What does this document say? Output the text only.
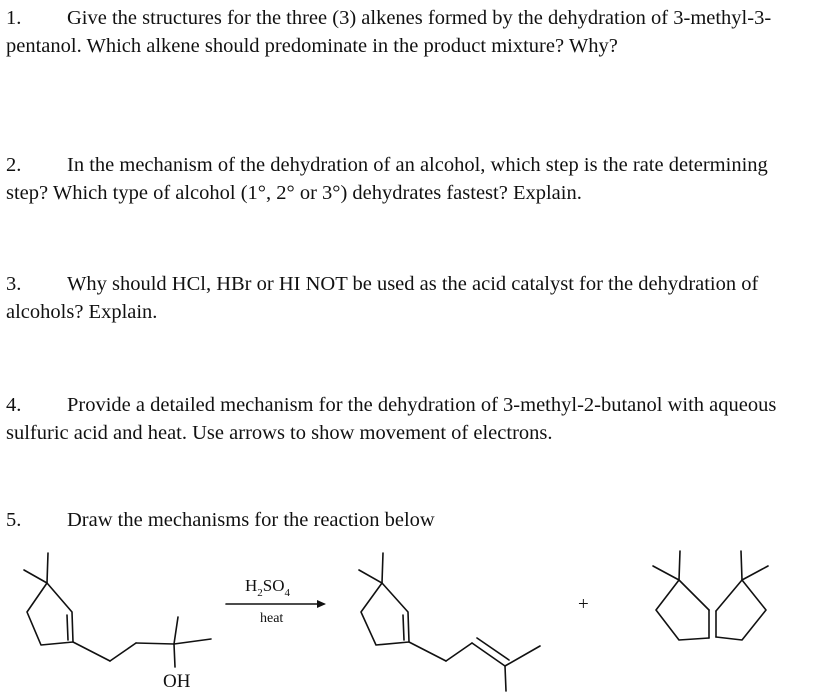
1. Give the structures for the three (3) alkenes formed by the dehydration of 3-methyl-3-pentanol. Which alkene should predominate in the product mixture? Why?
2. In the mechanism of the dehydration of an alcohol, which step is the rate determining step? Which type of alcohol (1°, 2° or 3°) dehydrates fastest? Explain.
3. Why should HCl, HBr or HI NOT be used as the acid catalyst for the dehydration of alcohols? Explain.
4. Provide a detailed mechanism for the dehydration of 3-methyl-2-butanol with aqueous sulfuric acid and heat. Use arrows to show movement of electrons.
5. Draw the mechanisms for the reaction below
OH
$H_2SO_4$
heat
+
